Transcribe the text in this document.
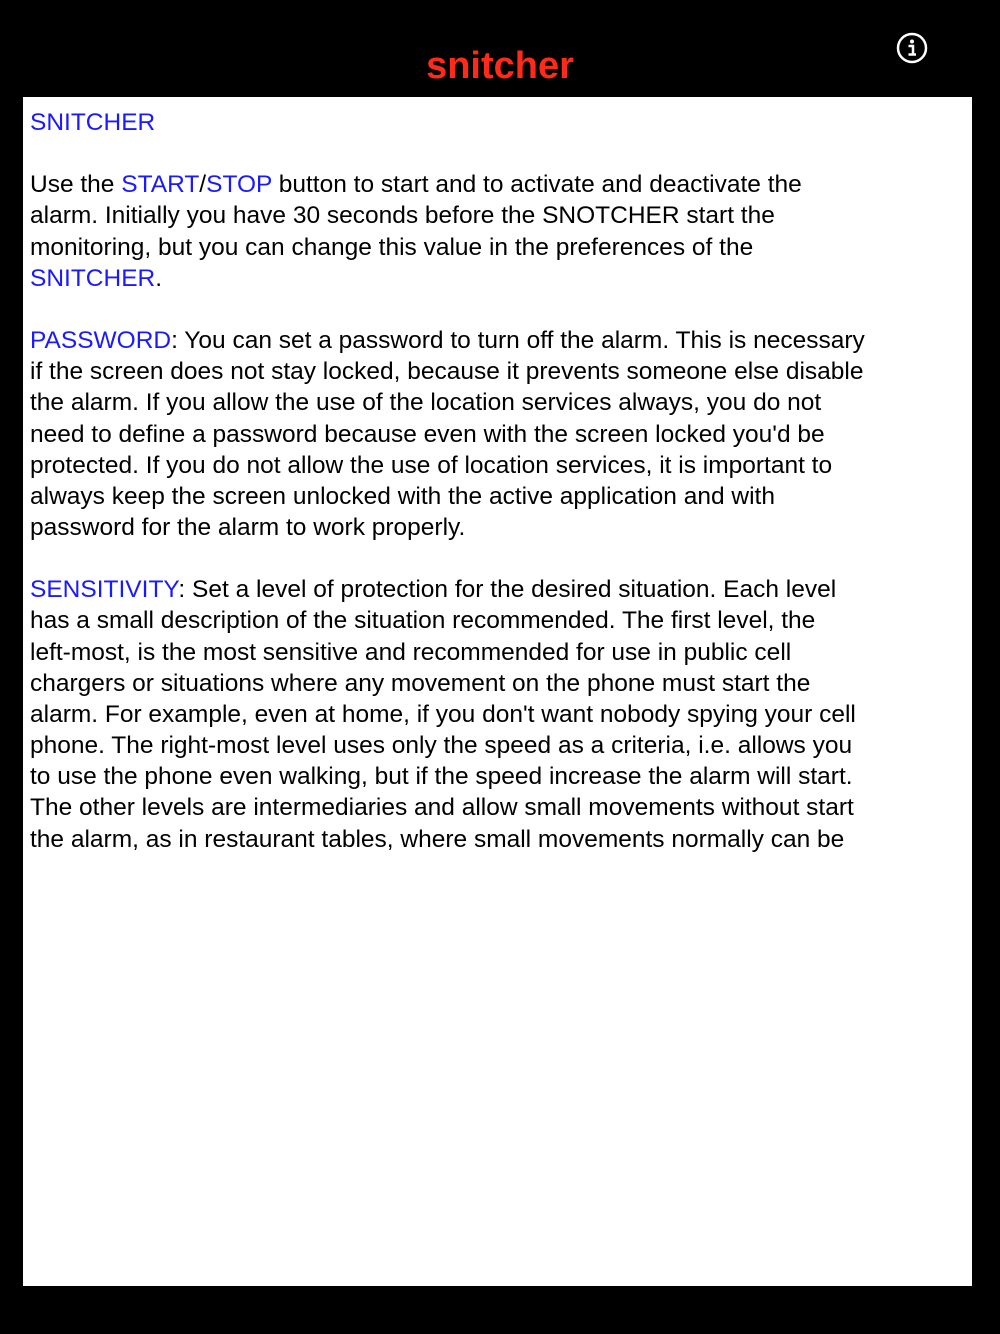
snitcher

SNITCHER

Use the START/STOP button to start and to activate and deactivate the
alarm. Initially you have 30 seconds before the SNOTCHER start the
monitoring, but you can change this value in the preferences of the
SNITCHER.

PASSWORD: You can set a password to turn off the alarm. This is necessary
if the screen does not stay locked, because it prevents someone else disable
the alarm. If you allow the use of the location services always, you do not
need to define a password because even with the screen locked you'd be
protected. If you do not allow the use of location services, it is important to
always keep the screen unlocked with the active application and with
password for the alarm to work properly.

SENSITIVITY: Set a level of protection for the desired situation. Each level
has a small description of the situation recommended. The first level, the
left-most, is the most sensitive and recommended for use in public cell
chargers or situations where any movement on the phone must start the
alarm. For example, even at home, if you don't want nobody spying your cell
phone. The right-most level uses only the speed as a criteria, i.e. allows you
to use the phone even walking, but if the speed increase the alarm will start.
The other levels are intermediaries and allow small movements without start
the alarm, as in restaurant tables, where small movements normally can be
